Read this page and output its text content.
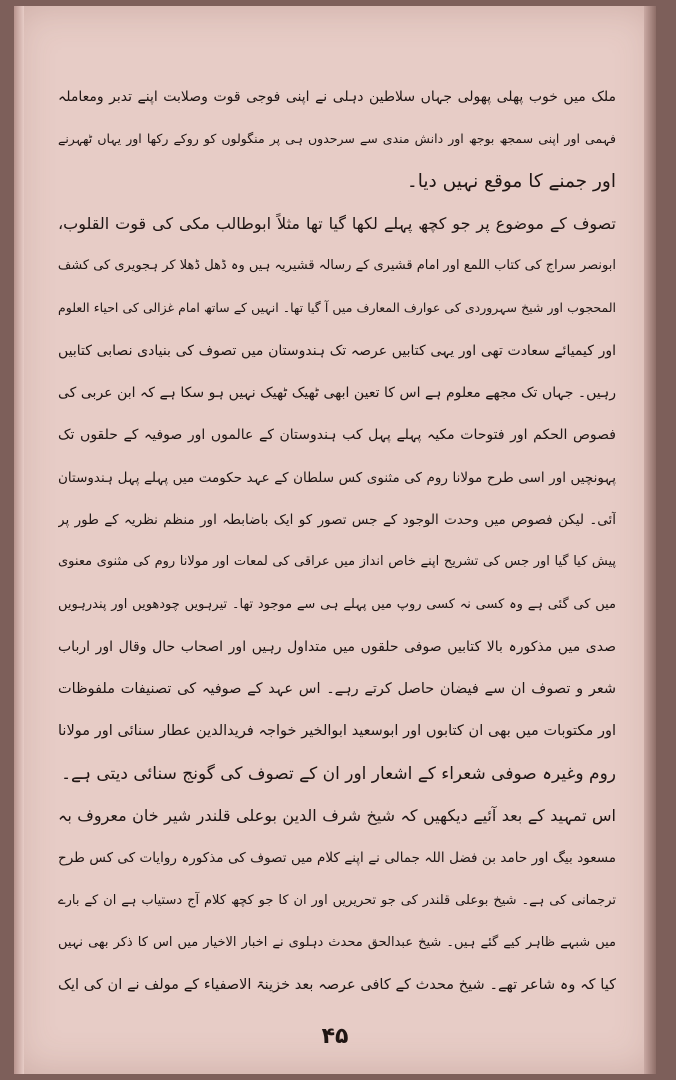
ملک میں خوب پھلی پھولی جہاں سلاطین دہلی نے اپنی فوجی قوت وصلابت اپنے تدبر ومعاملہ
فہمی اور اپنی سمجھ بوجھ اور دانش مندی سے سرحدوں ہی پر منگولوں کو روکے رکھا اور یہاں ٹھہرنے
اور جمنے کا موقع نہیں دیا۔
تصوف کے موضوع پر جو کچھ پہلے لکھا گیا تھا مثلاً ابوطالب مکی کی قوت القلوب،
ابونصر سراج کی کتاب اللمع اور امام قشیری کے رسالہ قشیریہ ہیں وہ ڈھل ڈھلا کر ہجویری کی کشف
المحجوب اور شیخ سہروردی کی عوارف المعارف میں آ گیا تھا۔ انہیں کے ساتھ امام غزالی کی احیاء العلوم
اور کیمیائے سعادت تھی اور یہی کتابیں عرصہ تک ہندوستان میں تصوف کی بنیادی نصابی کتابیں
رہیں۔ جہاں تک مجھے معلوم ہے اس کا تعین ابھی ٹھیک ٹھیک نہیں ہو سکا ہے کہ ابن عربی کی
فصوص الحکم اور فتوحات مکیہ پہلے پہل کب ہندوستان کے عالموں اور صوفیہ کے حلقوں تک
پہونچیں اور اسی طرح مولانا روم کی مثنوی کس سلطان کے عہد حکومت میں پہلے پہل ہندوستان
آئی۔ لیکن فصوص میں وحدت الوجود کے جس تصور کو ایک باضابطہ اور منظم نظریہ کے طور پر
پیش کیا گیا اور جس کی تشریح اپنے خاص انداز میں عراقی کی لمعات اور مولانا روم کی مثنوی معنوی
میں کی گئی ہے وہ کسی نہ کسی روپ میں پہلے ہی سے موجود تھا۔ تیرہویں چودھویں اور پندرہویں
صدی میں مذکورہ بالا کتابیں صوفی حلقوں میں متداول رہیں اور اصحاب حال وقال اور ارباب
شعر و تصوف ان سے فیضان حاصل کرتے رہے۔ اس عہد کے صوفیہ کی تصنیفات ملفوظات
اور مکتوبات میں بھی ان کتابوں اور ابوسعید ابوالخیر خواجہ فریدالدین عطار سنائی اور مولانا
روم وغیرہ صوفی شعراء کے اشعار اور ان کے تصوف کی گونج سنائی دیتی ہے۔
اس تمہید کے بعد آئیے دیکھیں کہ شیخ شرف الدین بوعلی قلندر شیر خان معروف بہ
مسعود بیگ اور حامد بن فضل اللہ جمالی نے اپنے کلام میں تصوف کی مذکورہ روایات کی کس طرح
ترجمانی کی ہے۔ شیخ بوعلی قلندر کی جو تحریریں اور ان کا جو کچھ کلام آج دستیاب ہے ان کے بارے
میں شبہے ظاہر کیے گئے ہیں۔ شیخ عبدالحق محدث دہلوی نے اخبار الاخیار میں اس کا ذکر بھی نہیں
کیا کہ وہ شاعر تھے۔ شیخ محدث کے کافی عرصہ بعد خزینۃ الاصفیاء کے مولف نے ان کی ایک
۴۵
